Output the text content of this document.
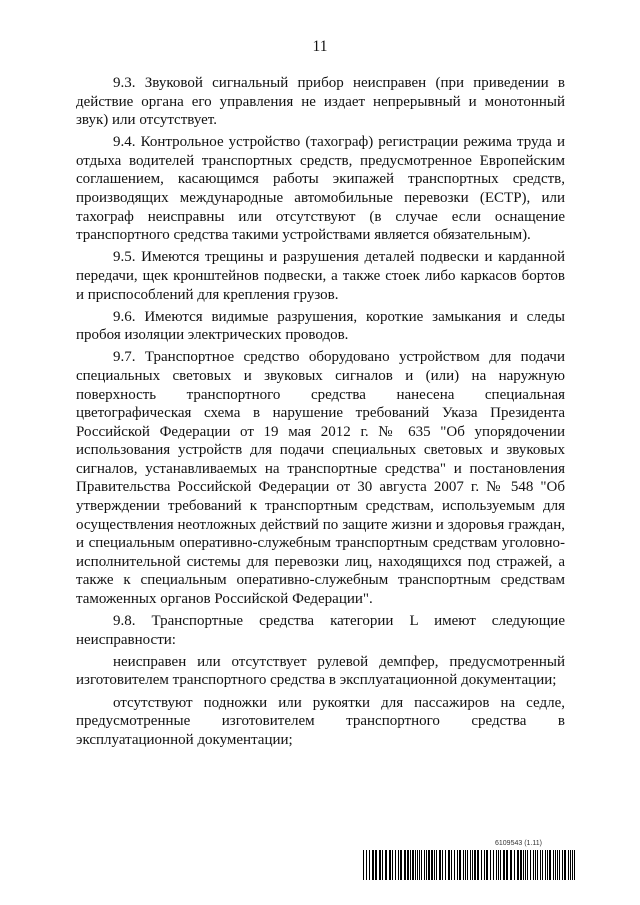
11

9.3. Звуковой сигнальный прибор неисправен (при приведении в действие органа его управления не издает непрерывный и монотонный звук) или отсутствует.

9.4. Контрольное устройство (тахограф) регистрации режима труда и отдыха водителей транспортных средств, предусмотренное Европейским соглашением, касающимся работы экипажей транспортных средств, производящих международные автомобильные перевозки (ЕСТР), или тахограф неисправны или отсутствуют (в случае если оснащение транспортного средства такими устройствами является обязательным).

9.5. Имеются трещины и разрушения деталей подвески и карданной передачи, щек кронштейнов подвески, а также стоек либо каркасов бортов и приспособлений для крепления грузов.

9.6. Имеются видимые разрушения, короткие замыкания и следы пробоя изоляции электрических проводов.

9.7. Транспортное средство оборудовано устройством для подачи специальных световых и звуковых сигналов и (или) на наружную поверхность транспортного средства нанесена специальная цветографическая схема в нарушение требований Указа Президента Российской Федерации от 19 мая 2012 г. № 635 "Об упорядочении использования устройств для подачи специальных световых и звуковых сигналов, устанавливаемых на транспортные средства" и постановления Правительства Российской Федерации от 30 августа 2007 г. № 548 "Об утверждении требований к транспортным средствам, используемым для осуществления неотложных действий по защите жизни и здоровья граждан, и специальным оперативно-служебным транспортным средствам уголовно-исполнительной системы для перевозки лиц, находящихся под стражей, а также к специальным оперативно-служебным транспортным средствам таможенных органов Российской Федерации".

9.8. Транспортные средства категории L имеют следующие неисправности:

неисправен или отсутствует рулевой демпфер, предусмотренный изготовителем транспортного средства в эксплуатационной документации;

отсутствуют подножки или рукоятки для пассажиров на седле, предусмотренные изготовителем транспортного средства в эксплуатационной документации;

6109543 (1.11)
